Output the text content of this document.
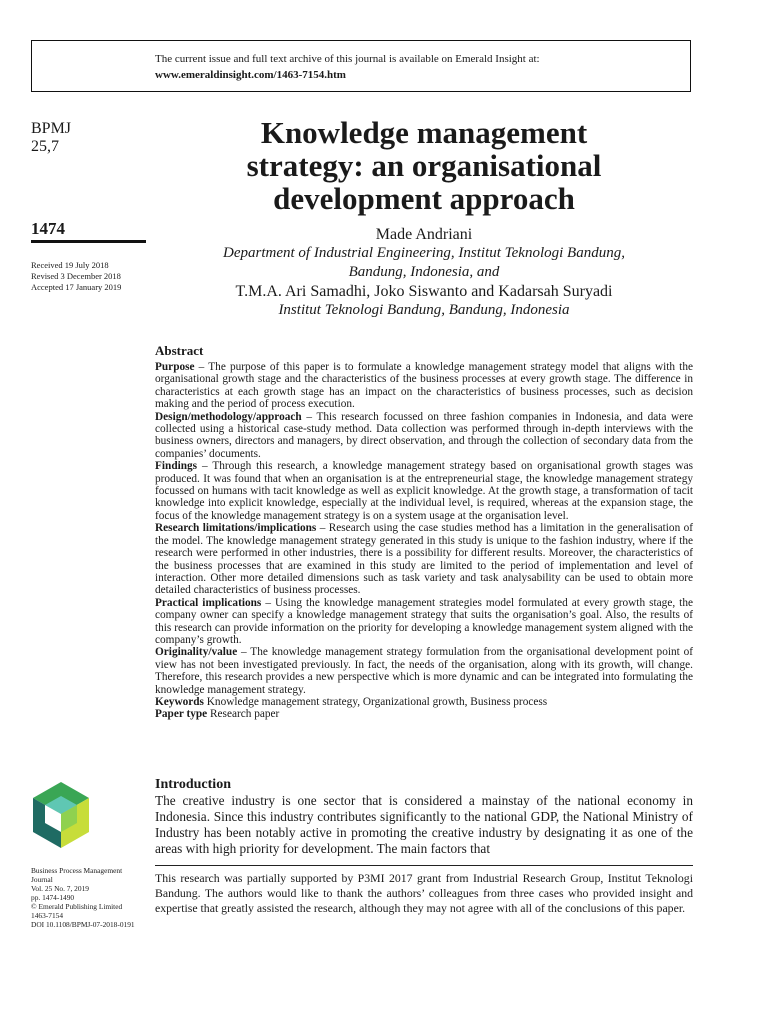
The current issue and full text archive of this journal is available on Emerald Insight at:
www.emeraldinsight.com/1463-7154.htm
BPMJ
25,7
1474
Received 19 July 2018
Revised 3 December 2018
Accepted 17 January 2019
Knowledge management
strategy: an organisational
development approach
Made Andriani
Department of Industrial Engineering, Institut Teknologi Bandung,
Bandung, Indonesia, and
T.M.A. Ari Samadhi, Joko Siswanto and Kadarsah Suryadi
Institut Teknologi Bandung, Bandung, Indonesia
Abstract

Purpose – The purpose of this paper is to formulate a knowledge management strategy model that aligns with the organisational growth stage and the characteristics of the business processes at every growth stage. The difference in characteristics at each growth stage has an impact on the characteristics of business processes, such as decision making and the period of process execution.

Design/methodology/approach – This research focussed on three fashion companies in Indonesia, and data were collected using a historical case-study method. Data collection was performed through in-depth interviews with the business owners, directors and managers, by direct observation, and through the collection of secondary data from the companies’ documents.

Findings – Through this research, a knowledge management strategy based on organisational growth stages was produced. It was found that when an organisation is at the entrepreneurial stage, the knowledge management strategy focussed on humans with tacit knowledge as well as explicit knowledge. At the growth stage, a transformation of tacit knowledge into explicit knowledge, especially at the individual level, is required, whereas at the expansion stage, the focus of the knowledge management strategy is on a system usage at the organisation level.

Research limitations/implications – Research using the case studies method has a limitation in the generalisation of the model. The knowledge management strategy generated in this study is unique to the fashion industry, where if the research were performed in other industries, there is a possibility for different results. Moreover, the characteristics of the business processes that are examined in this study are limited to the period of implementation and level of interaction. Other more detailed dimensions such as task variety and task analysability can be used to obtain more detailed characteristics of business processes.

Practical implications – Using the knowledge management strategies model formulated at every growth stage, the company owner can specify a knowledge management strategy that suits the organisation’s goal. Also, the results of this research can provide information on the priority for developing a knowledge management system aligned with the company’s growth.

Originality/value – The knowledge management strategy formulation from the organisational development point of view has not been investigated previously. In fact, the needs of the organisation, along with its growth, will change. Therefore, this research provides a new perspective which is more dynamic and can be integrated into formulating the knowledge management strategy.

Keywords Knowledge management strategy, Organizational growth, Business process

Paper type Research paper

Introduction

The creative industry is one sector that is considered a mainstay of the national economy in Indonesia. Since this industry contributes significantly to the national GDP, the National Ministry of Industry has been notably active in promoting the creative industry by designating it as one of the areas with high priority for development. The main factors that

This research was partially supported by P3MI 2017 grant from Industrial Research Group, Institut Teknologi Bandung. The authors would like to thank the authors’ colleagues from three cases who provided insight and expertise that greatly assisted the research, although they may not agree with all of the conclusions of this paper.

Business Process Management
Journal
Vol. 25 No. 7, 2019
pp. 1474-1490
© Emerald Publishing Limited
1463-7154
DOI 10.1108/BPMJ-07-2018-0191
